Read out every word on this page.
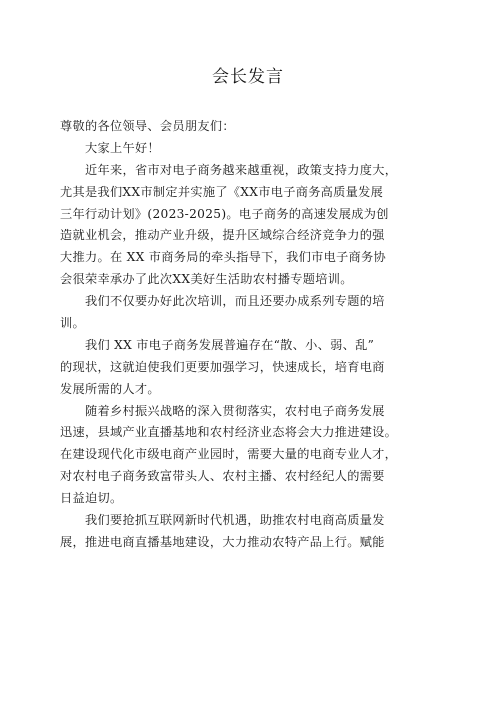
会长发言
尊敬的各位领导、会员朋友们：
大家上午好！
近年来，省市对电子商务越来越重视，政策支持力度大，
尤其是我们XX市制定并实施了《XX市电子商务高质量发展
三年行动计划》(2023-2025)。电子商务的高速发展成为创
造就业机会，推动产业升级，提升区域综合经济竞争力的强
大推力。在 XX 市商务局的牵头指导下，我们市电子商务协
会很荣幸承办了此次XX美好生活助农村播专题培训。
我们不仅要办好此次培训，而且还要办成系列专题的培
训。
我们 XX 市电子商务发展普遍存在“散、小、弱、乱”
的现状，这就迫使我们更要加强学习，快速成长，培育电商
发展所需的人才。
随着乡村振兴战略的深入贯彻落实，农村电子商务发展
迅速，县域产业直播基地和农村经济业态将会大力推进建设。
在建设现代化市级电商产业园时，需要大量的电商专业人才，
对农村电子商务致富带头人、农村主播、农村经纪人的需要
日益迫切。
我们要抢抓互联网新时代机遇，助推农村电商高质量发
展，推进电商直播基地建设，大力推动农特产品上行。赋能
